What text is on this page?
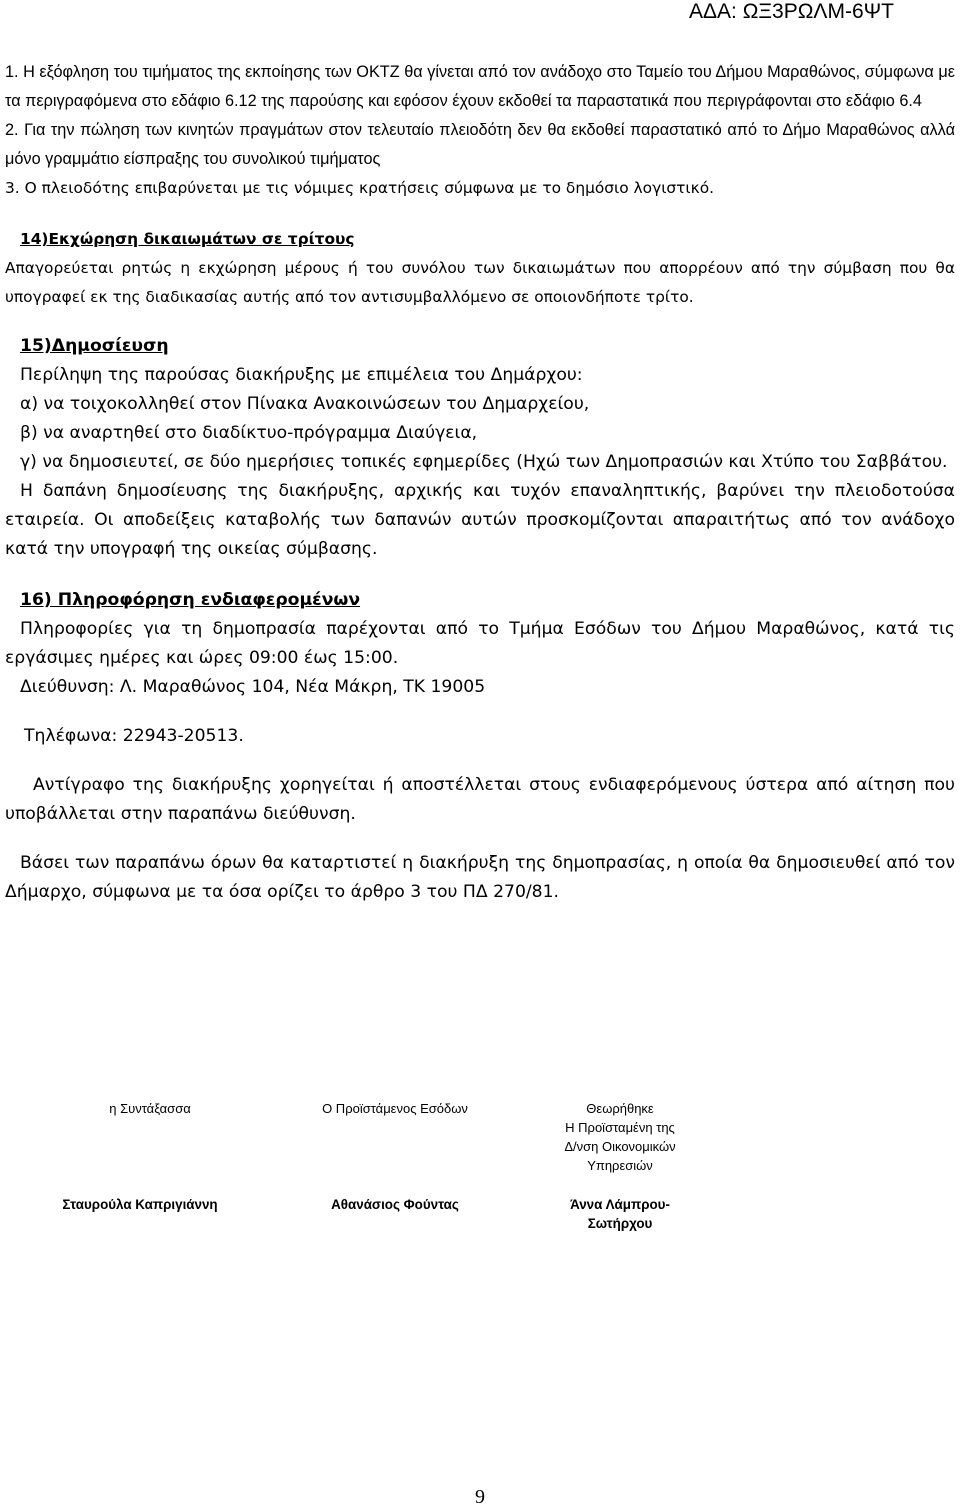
ΑΔΑ: ΩΞ3ΡΩΛΜ-6ΨΤ

1. Η εξόφληση του τιμήματος της εκποίησης των ΟΚΤΖ θα γίνεται από τον ανάδοχο στο Ταμείο του Δήμου Μαραθώνος, σύμφωνα με τα περιγραφόμενα στο εδάφιο 6.12 της παρούσης και εφόσον έχουν εκδοθεί τα παραστατικά που περιγράφονται στο εδάφιο 6.4

2. Για την πώληση των κινητών πραγμάτων στον τελευταίο πλειοδότη δεν θα εκδοθεί παραστατικό από το Δήμο Μαραθώνος αλλά μόνο γραμμάτιο είσπραξης του συνολικού τιμήματος

3. Ο πλειοδότης επιβαρύνεται με τις νόμιμες κρατήσεις σύμφωνα με το δημόσιο λογιστικό.

14)Εκχώρηση δικαιωμάτων σε τρίτους

Απαγορεύεται ρητώς η εκχώρηση μέρους ή του συνόλου των δικαιωμάτων που απορρέουν από την σύμβαση που θα υπογραφεί εκ της διαδικασίας αυτής από τον αντισυμβαλλόμενο σε οποιονδήποτε τρίτο.

15)Δημοσίευση

Περίληψη της παρούσας διακήρυξης με επιμέλεια του Δημάρχου:

α) να τοιχοκολληθεί στον Πίνακα Ανακοινώσεων του Δημαρχείου,

β) να αναρτηθεί στο διαδίκτυο-πρόγραμμα Διαύγεια,

γ) να δημοσιευτεί, σε δύο ημερήσιες τοπικές εφημερίδες (Ηχώ των Δημοπρασιών και Χτύπο του Σαββάτου.

Η δαπάνη δημοσίευσης της διακήρυξης, αρχικής και τυχόν επαναληπτικής, βαρύνει την πλειοδοτούσα εταιρεία. Οι αποδείξεις καταβολής των δαπανών αυτών προσκομίζονται απαραιτήτως από τον ανάδοχο κατά την υπογραφή της οικείας σύμβασης.

16) Πληροφόρηση ενδιαφερομένων

Πληροφορίες για τη δημοπρασία παρέχονται από το Τμήμα Εσόδων του Δήμου Μαραθώνος, κατά τις εργάσιμες ημέρες και ώρες 09:00 έως 15:00.

Διεύθυνση: Λ. Μαραθώνος 104, Νέα Μάκρη, ΤΚ 19005

Τηλέφωνα: 22943-20513.

Αντίγραφο της διακήρυξης χορηγείται ή αποστέλλεται στους ενδιαφερόμενους ύστερα από αίτηση που υποβάλλεται στην παραπάνω διεύθυνση.

Βάσει των παραπάνω όρων θα καταρτιστεί η διακήρυξη της δημοπρασίας, η οποία θα δημοσιευθεί από τον Δήμαρχο, σύμφωνα με τα όσα ορίζει το άρθρο 3 του ΠΔ 270/81.

η Συντάξασσα	Ο Προϊστάμενος Εσόδων	Θεωρήθηκε
Η Προϊσταμένη της
Δ/νση Οικονομικών
Υπηρεσιών
Σταυρούλα Καπριγιάννη	Αθανάσιος Φούντας	Άννα Λάμπρου-
Σωτήρχου
9
